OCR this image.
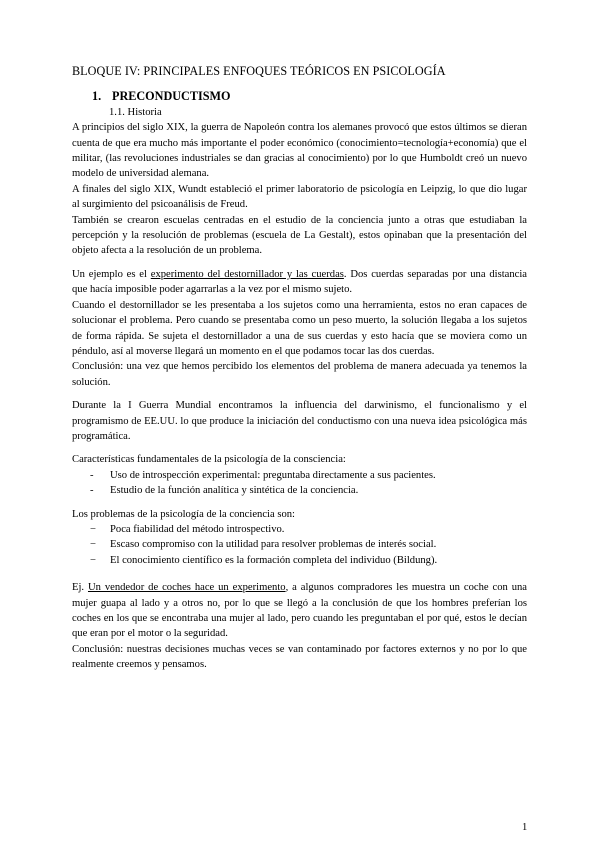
BLOQUE IV: PRINCIPALES ENFOQUES TEÓRICOS EN PSICOLOGÍA
1. PRECONDUCTISMO
1.1. Historia

A principios del siglo XIX, la guerra de Napoleón contra los alemanes provocó que estos últimos se dieran cuenta de que era mucho más importante el poder económico (conocimiento=tecnología+economía) que el militar, (las revoluciones industriales se dan gracias al conocimiento) por lo que Humboldt creó un nuevo modelo de universidad alemana.

A finales del siglo XIX, Wundt estableció el primer laboratorio de psicología en Leipzig, lo que dio lugar al surgimiento del psicoanálisis de Freud.

También se crearon escuelas centradas en el estudio de la conciencia junto a otras que estudiaban la percepción y la resolución de problemas (escuela de La Gestalt), estos opinaban que la presentación del objeto afecta a la resolución de un problema.

Un ejemplo es el experimento del destornillador y las cuerdas. Dos cuerdas separadas por una distancia que hacía imposible poder agarrarlas a la vez por el mismo sujeto.

Cuando el destornillador se les presentaba a los sujetos como una herramienta, estos no eran capaces de solucionar el problema. Pero cuando se presentaba como un peso muerto, la solución llegaba a los sujetos de forma rápida. Se sujeta el destornillador a una de sus cuerdas y esto hacía que se moviera como un péndulo, así al moverse llegará un momento en el que podamos tocar las dos cuerdas.

Conclusión: una vez que hemos percibido los elementos del problema de manera adecuada ya tenemos la solución.

Durante la I Guerra Mundial encontramos la influencia del darwinismo, el funcionalismo y el programismo de EE.UU. lo que produce la iniciación del conductismo con una nueva idea psicológica más programática.

Características fundamentales de la psicología de la consciencia:

- Uso de introspección experimental: preguntaba directamente a sus pacientes.
- Estudio de la función analítica y sintética de la conciencia.

Los problemas de la psicología de la conciencia son:

− Poca fiabilidad del método introspectivo.
− Escaso compromiso con la utilidad para resolver problemas de interés social.
− El conocimiento científico es la formación completa del individuo (Bildung).

Ej. Un vendedor de coches hace un experimento, a algunos compradores les muestra un coche con una mujer guapa al lado y a otros no, por lo que se llegó a la conclusión de que los hombres preferían los coches en los que se encontraba una mujer al lado, pero cuando les preguntaban el por qué, estos le decían que eran por el motor o la seguridad.

Conclusión: nuestras decisiones muchas veces se van contaminado por factores externos y no por lo que realmente creemos y pensamos.

1
